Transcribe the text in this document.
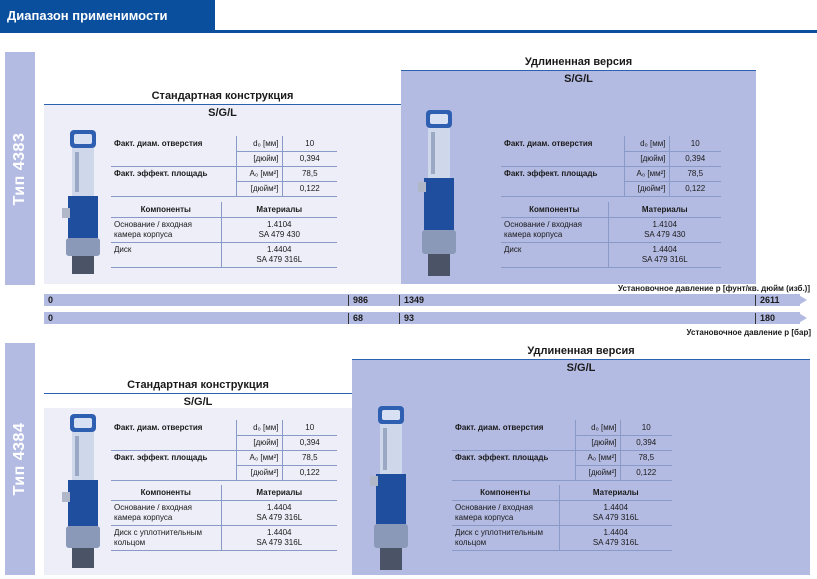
Диапазон применимости
Тип 4383
Стандартная конструкция
S/G/L
Удлиненная версия
S/G/L
Факт. диам. отверстия	d₀ [мм]	10
	[дюйм]	0,394
Факт. эффект. площадь	A₀ [мм²]	78,5
	[дюйм²]	0,122
Компоненты	Материалы
Основание / входная камера корпуса	1.4104
SA 479 430
Диск	1.4404
SA 479 316L
Факт. диам. отверстия	d₀ [мм]	10
	[дюйм]	0,394
Факт. эффект. площадь	A₀ [мм²]	78,5
	[дюйм²]	0,122
Компоненты	Материалы
Основание / входная камера корпуса	1.4104
SA 479 430
Диск	1.4404
SA 479 316L
Установочное давление p [фунт/кв. дюйм (изб.)]
0	986	1349	2611
0	68	93	180
Установочное давление p [бар]
Тип 4384
Стандартная конструкция
S/G/L
Удлиненная версия
S/G/L
Факт. диам. отверстия	d₀ [мм]	10
	[дюйм]	0,394
Факт. эффект. площадь	A₀ [мм²]	78,5
	[дюйм²]	0,122
Компоненты	Материалы
Основание / входная камера корпуса	1.4404
SA 479 316L
Диск с уплотнительным кольцом	1.4404
SA 479 316L
Факт. диам. отверстия	d₀ [мм]	10
	[дюйм]	0,394
Факт. эффект. площадь	A₀ [мм²]	78,5
	[дюйм²]	0,122
Компоненты	Материалы
Основание / входная камера корпуса	1.4404
SA 479 316L
Диск с уплотнительным кольцом	1.4404
SA 479 316L
